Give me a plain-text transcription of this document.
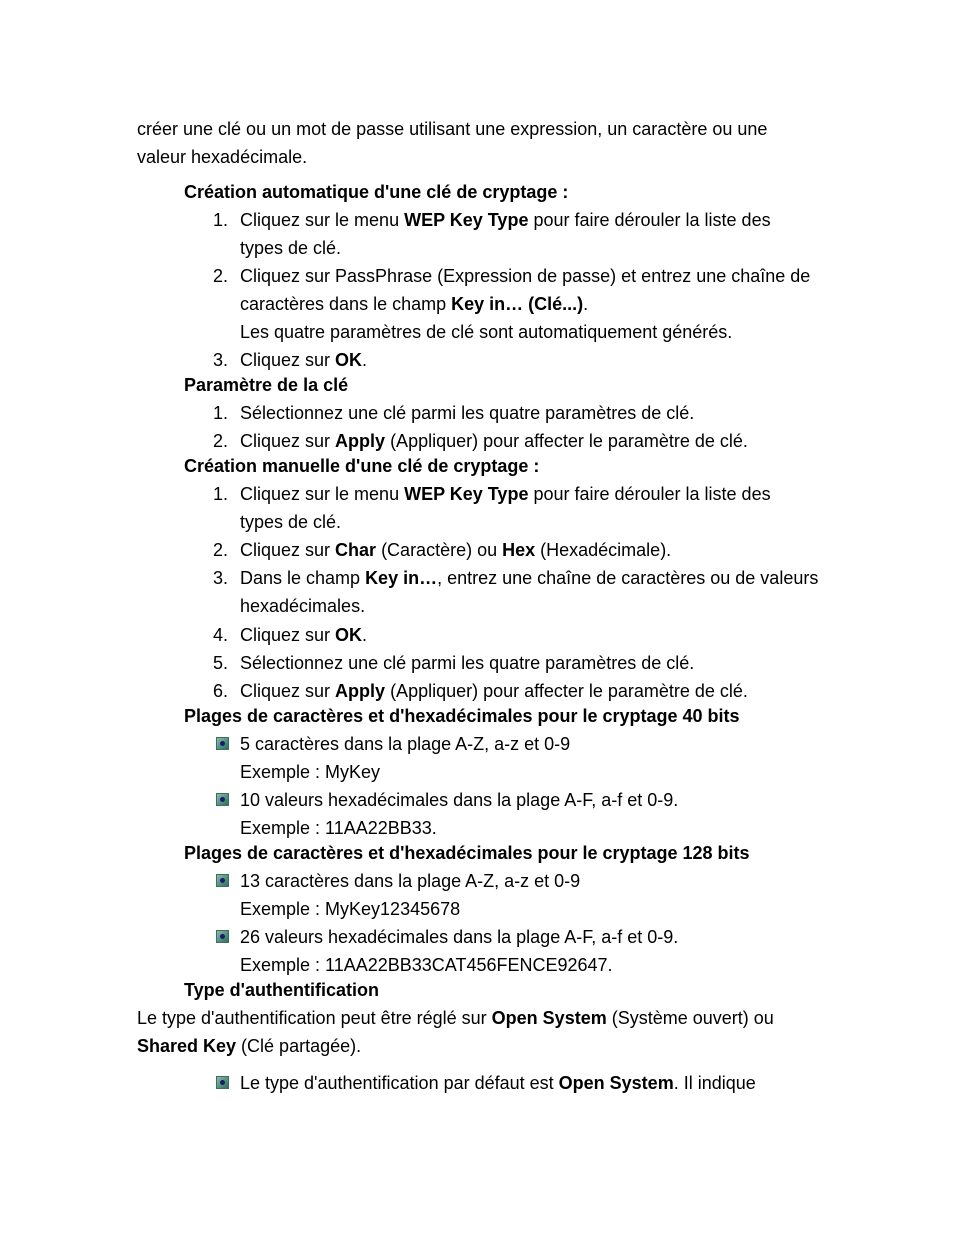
créer une clé ou un mot de passe utilisant une expression, un caractère ou une
valeur hexadécimale.
Création automatique d'une clé de cryptage :
1. Cliquez sur le menu WEP Key Type pour faire dérouler la liste des
types de clé.
2. Cliquez sur PassPhrase (Expression de passe) et entrez une chaîne de
caractères dans le champ Key in… (Clé...).
Les quatre paramètres de clé sont automatiquement générés.
3. Cliquez sur OK.
Paramètre de la clé
1. Sélectionnez une clé parmi les quatre paramètres de clé.
2. Cliquez sur Apply (Appliquer) pour affecter le paramètre de clé.
Création manuelle d'une clé de cryptage :
1. Cliquez sur le menu WEP Key Type pour faire dérouler la liste des
types de clé.
2. Cliquez sur Char (Caractère) ou Hex (Hexadécimale).
3. Dans le champ Key in…, entrez une chaîne de caractères ou de valeurs
hexadécimales.
4. Cliquez sur OK.
5. Sélectionnez une clé parmi les quatre paramètres de clé.
6. Cliquez sur Apply (Appliquer) pour affecter le paramètre de clé.
Plages de caractères et d'hexadécimales pour le cryptage 40 bits
5 caractères dans la plage A-Z, a-z et 0-9
Exemple : MyKey
10 valeurs hexadécimales dans la plage A-F, a-f et 0-9.
Exemple : 11AA22BB33.
Plages de caractères et d'hexadécimales pour le cryptage 128 bits
13 caractères dans la plage A-Z, a-z et 0-9
Exemple : MyKey12345678
26 valeurs hexadécimales dans la plage A-F, a-f et 0-9.
Exemple : 11AA22BB33CAT456FENCE92647.
Type d'authentification
Le type d'authentification peut être réglé sur Open System (Système ouvert) ou
Shared Key (Clé partagée).
Le type d'authentification par défaut est Open System. Il indique
